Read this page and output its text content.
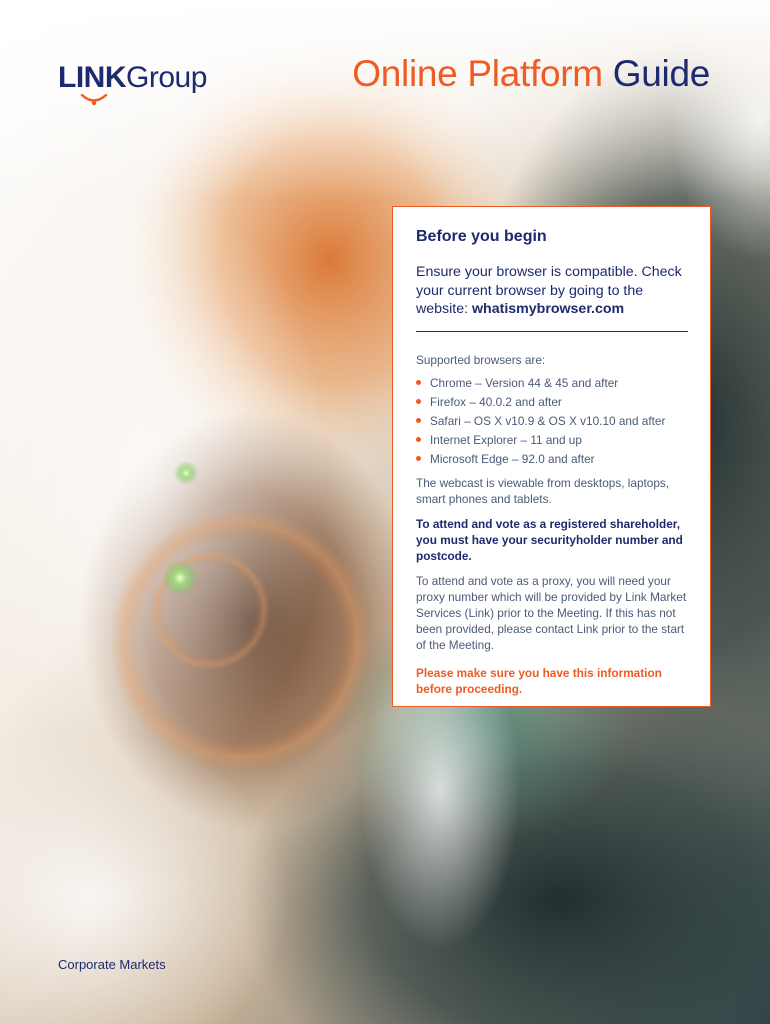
LINKGroup	Online Platform Guide
Before you begin

Ensure your browser is compatible. Check your current browser by going to the website: whatismybrowser.com

Supported browsers are:

Chrome – Version 44 & 45 and after
Firefox – 40.0.2 and after
Safari – OS X v10.9 & OS X v10.10 and after
Internet Explorer – 11 and up
Microsoft Edge – 92.0 and after

The webcast is viewable from desktops, laptops, smart phones and tablets.

To attend and vote as a registered shareholder, you must have your securityholder number and postcode.

To attend and vote as a proxy, you will need your proxy number which will be provided by Link Market Services (Link) prior to the Meeting. If this has not been provided, please contact Link prior to the start of the Meeting.

Please make sure you have this information before proceeding.

Corporate Markets
